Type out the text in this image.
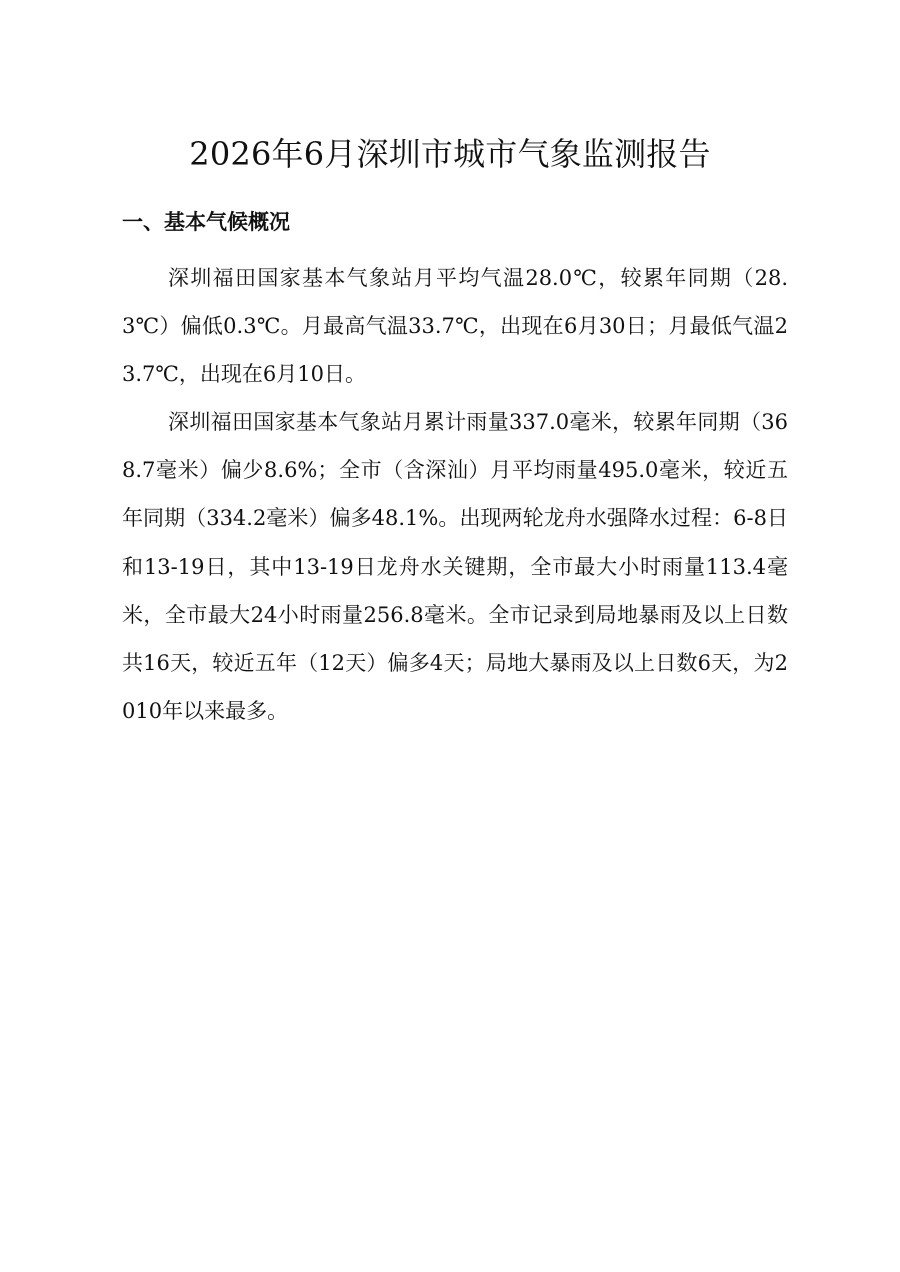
2026年6月深圳市城市气象监测报告
一、基本气候概况

深圳福田国家基本气象站月平均气温28.0℃，较累年同期（28.3℃）偏低0.3℃。月最高气温33.7℃，出现在6月30日；月最低气温23.7℃，出现在6月10日。

深圳福田国家基本气象站月累计雨量337.0毫米，较累年同期（368.7毫米）偏少8.6%；全市（含深汕）月平均雨量495.0毫米，较近五年同期（334.2毫米）偏多48.1%。出现两轮龙舟水强降水过程：6-8日和13-19日，其中13-19日龙舟水关键期，全市最大小时雨量113.4毫米，全市最大24小时雨量256.8毫米。全市记录到局地暴雨及以上日数共16天，较近五年（12天）偏多4天；局地大暴雨及以上日数6天，为2010年以来最多。
